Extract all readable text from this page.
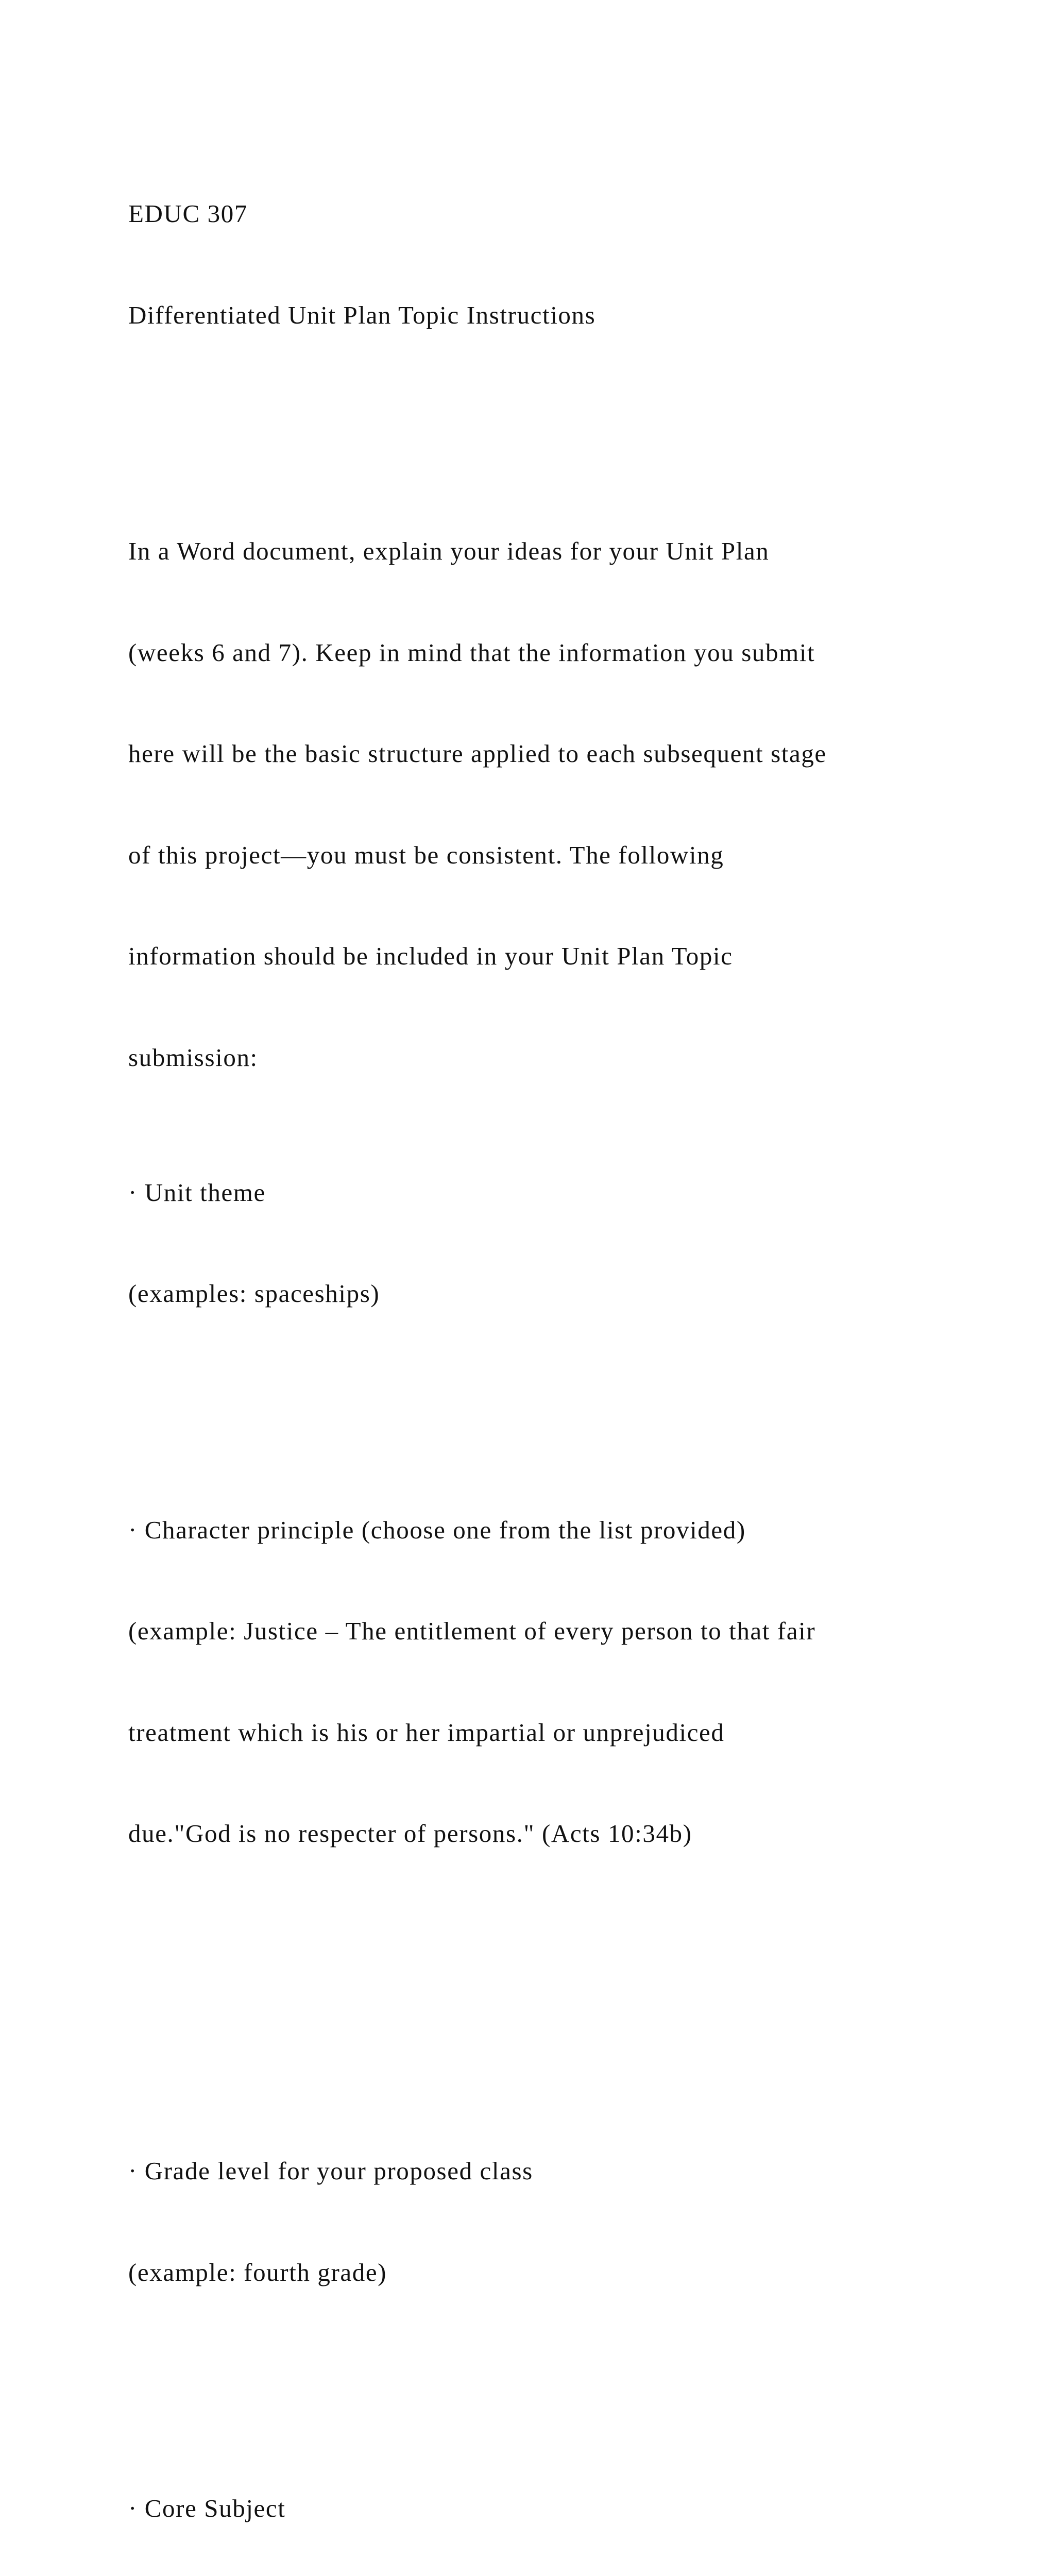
EDUC 307

Differentiated Unit Plan Topic Instructions

In a Word document, explain your ideas for your Unit Plan

(weeks 6 and 7). Keep in mind that the information you submit

here will be the basic structure applied to each subsequent stage

of this project—you must be consistent. The following

information should be included in your Unit Plan Topic

submission:

· Unit theme

(examples: spaceships)

· Character principle (choose one from the list provided)

(example: Justice – The entitlement of every person to that fair

treatment which is his or her impartial or unprejudiced

due."God is no respecter of persons." (Acts 10:34b)

· Grade level for your proposed class

(example: fourth grade)

· Core Subject
